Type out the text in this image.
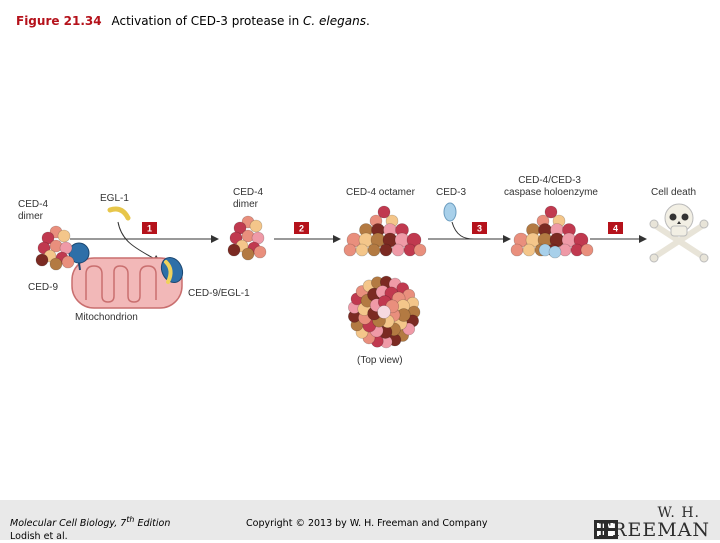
Figure 21.34 Activation of CED-3 protease in C. elegans.
1	2	3	4
CED-4 dimer
EGL-1
CED-9
Mitochondrion
CED-9/EGL-1
CED-4 dimer
CED-4 octamer CED-3
CED-4/CED-3 caspase holoenzyme	Cell death
(Top view)
Molecular Cell Biology, 7th Edition
Lodish et al.
Copyright © 2013 by W. H. Freeman and Company
W. H.
FREEMAN
